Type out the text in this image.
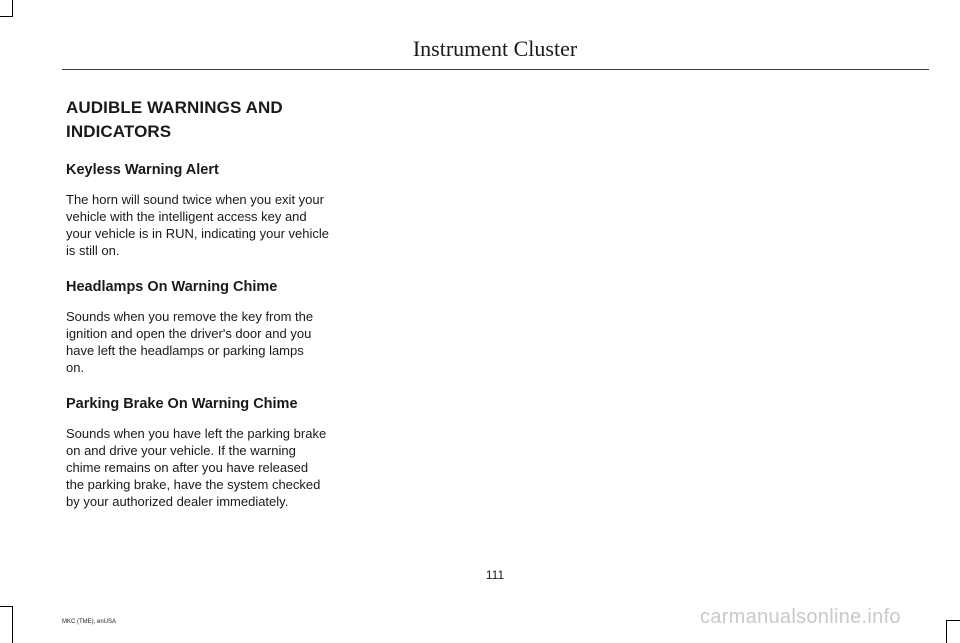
Instrument Cluster
AUDIBLE WARNINGS AND
INDICATORS
Keyless Warning Alert
The horn will sound twice when you exit your
vehicle with the intelligent access key and
your vehicle is in RUN, indicating your vehicle
is still on.
Headlamps On Warning Chime
Sounds when you remove the key from the
ignition and open the driver's door and you
have left the headlamps or parking lamps
on.
Parking Brake On Warning Chime
Sounds when you have left the parking brake
on and drive your vehicle. If the warning
chime remains on after you have released
the parking brake, have the system checked
by your authorized dealer immediately.
111
MKC (TME), enUSA	carmanualsonline.info
